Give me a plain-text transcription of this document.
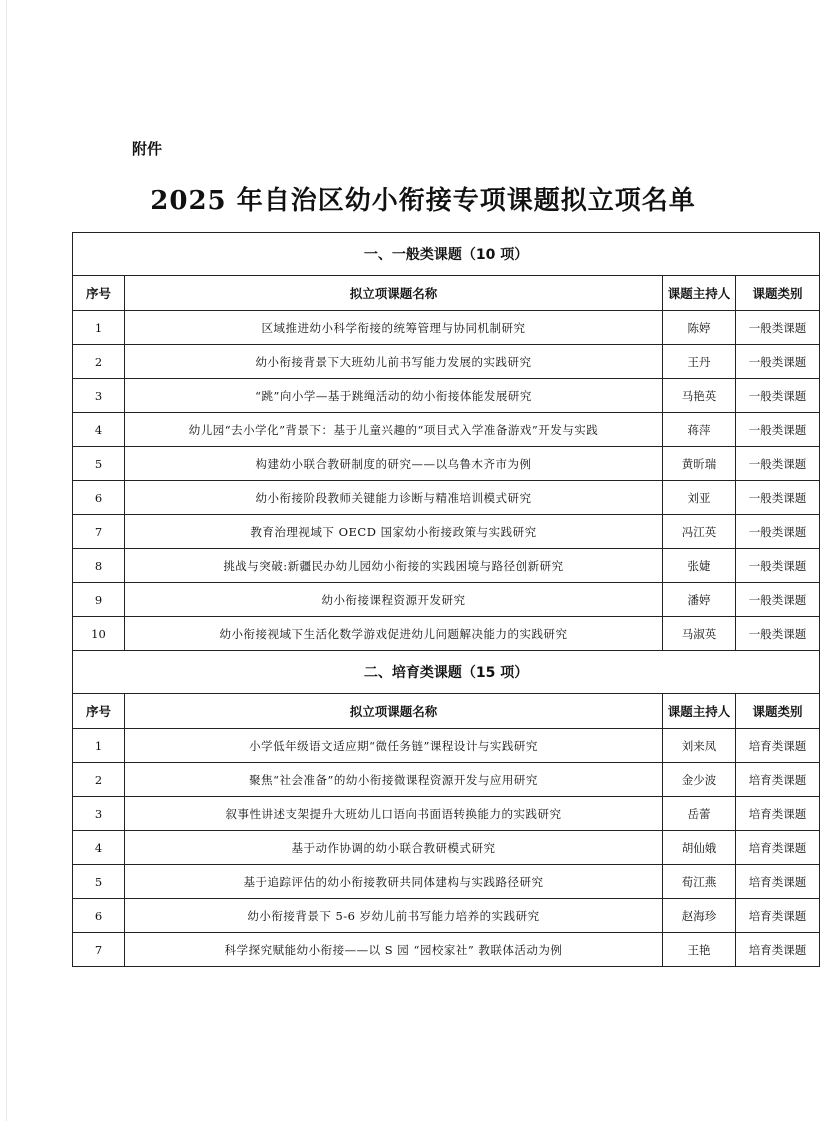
附件
2025 年自治区幼小衔接专项课题拟立项名单
一、一般类课题（10 项）			
序号	拟立项课题名称	课题主持人	课题类别
1	区域推进幼小科学衔接的统筹管理与协同机制研究	陈婷	一般类课题
2	幼小衔接背景下大班幼儿前书写能力发展的实践研究	王丹	一般类课题
3	“跳”向小学—基于跳绳活动的幼小衔接体能发展研究	马艳英	一般类课题
4	幼儿园“去小学化”背景下：基于儿童兴趣的“项目式入学准备游戏”开发与实践	蒋萍	一般类课题
5	构建幼小联合教研制度的研究——以乌鲁木齐市为例	黄昕瑞	一般类课题
6	幼小衔接阶段教师关键能力诊断与精准培训模式研究	刘亚	一般类课题
7	教育治理视域下 OECD 国家幼小衔接政策与实践研究	冯江英	一般类课题
8	挑战与突破:新疆民办幼儿园幼小衔接的实践困境与路径创新研究	张婕	一般类课题
9	幼小衔接课程资源开发研究	潘婷	一般类课题
10	幼小衔接视域下生活化数学游戏促进幼儿问题解决能力的实践研究	马淑英	一般类课题
二、培育类课题（15 项）			
序号	拟立项课题名称	课题主持人	课题类别
1	小学低年级语文适应期“微任务链”课程设计与实践研究	刘来凤	培育类课题
2	聚焦“社会准备”的幼小衔接微课程资源开发与应用研究	金少波	培育类课题
3	叙事性讲述支架提升大班幼儿口语向书面语转换能力的实践研究	岳蕾	培育类课题
4	基于动作协调的幼小联合教研模式研究	胡仙娥	培育类课题
5	基于追踪评估的幼小衔接教研共同体建构与实践路径研究	荀江燕	培育类课题
6	幼小衔接背景下 5-6 岁幼儿前书写能力培养的实践研究	赵海珍	培育类课题
7	科学探究赋能幼小衔接——以 S 园 “园校家社” 教联体活动为例	王艳	培育类课题
